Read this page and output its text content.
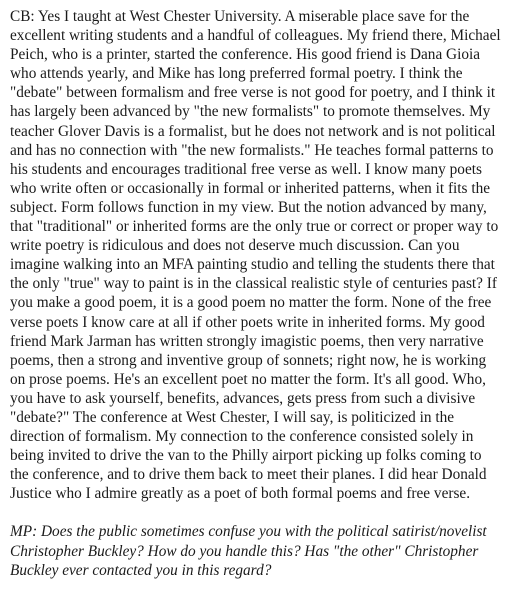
CB: Yes I taught at West Chester University. A miserable place save for the excellent writing students and a handful of colleagues. My friend there, Michael Peich, who is a printer, started the conference. His good friend is Dana Gioia who attends yearly, and Mike has long preferred formal poetry. I think the "debate" between formalism and free verse is not good for poetry, and I think it has largely been advanced by "the new formalists" to promote themselves. My teacher Glover Davis is a formalist, but he does not network and is not political and has no connection with "the new formalists." He teaches formal patterns to his students and encourages traditional free verse as well. I know many poets who write often or occasionally in formal or inherited patterns, when it fits the subject. Form follows function in my view. But the notion advanced by many, that "traditional" or inherited forms are the only true or correct or proper way to write poetry is ridiculous and does not deserve much discussion. Can you imagine walking into an MFA painting studio and telling the students there that the only "true" way to paint is in the classical realistic style of centuries past? If you make a good poem, it is a good poem no matter the form. None of the free verse poets I know care at all if other poets write in inherited forms. My good friend Mark Jarman has written strongly imagistic poems, then very narrative poems, then a strong and inventive group of sonnets; right now, he is working on prose poems. He's an excellent poet no matter the form. It's all good. Who, you have to ask yourself, benefits, advances, gets press from such a divisive "debate?" The conference at West Chester, I will say, is politicized in the direction of formalism. My connection to the conference consisted solely in being invited to drive the van to the Philly airport picking up folks coming to the conference, and to drive them back to meet their planes. I did hear Donald Justice who I admire greatly as a poet of both formal poems and free verse.

MP: Does the public sometimes confuse you with the political satirist/novelist Christopher Buckley? How do you handle this? Has "the other" Christopher Buckley ever contacted you in this regard?
